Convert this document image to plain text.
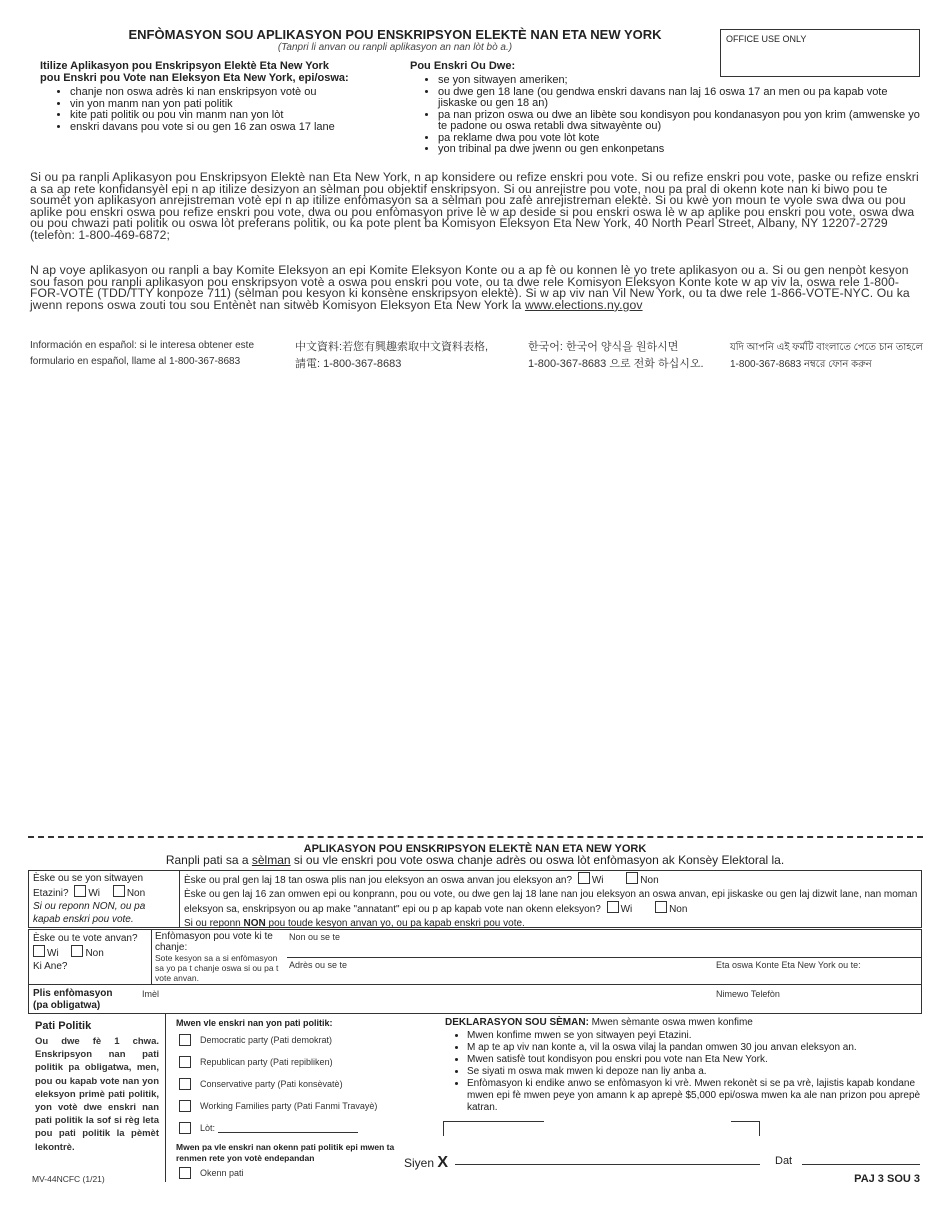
ENFÒMASYON SOU APLIKASYON POU ENSKRIPSYON ELEKTÈ NAN ETA NEW YORK
(Tanpri li anvan ou ranpli aplikasyon an nan lòt bò a.)
OFFICE USE ONLY
Itilize Aplikasyon pou Enskripsyon Elektè Eta New York
pou Enskri pou Vote nan Eleksyon Eta New York, epi/oswa:
• chanje non oswa adrès ki nan enskripsyon votè ou
• vin yon manm nan yon pati politik
• kite pati politik ou pou vin manm nan yon lòt
• enskri davans pou vote si ou gen 16 zan oswa 17 lane
Pou Enskri Ou Dwe:
• se yon sitwayen ameriken;
• ou dwe gen 18 lane (ou gendwa enskri davans nan laj 16 oswa 17 an men ou pa kapab vote jiskaske ou gen 18 an)
• pa nan prizon oswa ou dwe an libète sou kondisyon pou kondanasyon pou yon krim (amwenske yo te padone ou oswa retabli dwa sitwayènte ou)
• pa reklame dwa pou vote lòt kote
• yon tribinal pa dwe jwenn ou gen enkonpetans
Si ou pa ranpli Aplikasyon pou Enskripsyon Elektè nan Eta New York, n ap konsidere ou refize enskri pou vote. Si ou refize enskri pou vote, paske ou refize enskri a sa ap rete konfidansyèl epi n ap itilize desizyon an sèlman pou objektif enskripsyon. Si ou anrejistre pou vote, nou pa pral di okenn kote nan ki biwo pou te soumèt yon aplikasyon anrejistreman votè epi n ap itilize enfòmasyon sa a sèlman pou zafè anrejistreman elektè. Si ou kwè yon moun te vyole swa dwa ou pou aplike pou enskri oswa pou refize enskri pou vote, dwa ou pou enfòmasyon prive lè w ap deside si pou enskri oswa lè w ap aplike pou enskri pou vote, oswa dwa ou pou chwazi pati politik ou oswa lòt preferans politik, ou ka pote plent ba Komisyon Eleksyon Eta New York, 40 North Pearl Street, Albany, NY 12207-2729 (telefòn: 1-800-469-6872;
N ap voye aplikasyon ou ranpli a bay Komite Eleksyon an epi Komite Eleksyon Konte ou a ap fè ou konnen lè yo trete aplikasyon ou a. Si ou gen nenpòt kesyon sou fason pou ranpli aplikasyon pou enskripsyon votè a oswa pou enskri pou vote, ou ta dwe rele Komisyon Eleksyon Konte kote w ap viv la, oswa rele 1-800-FOR-VOTE (TDD/TTY konpoze 711) (sèlman pou kesyon ki konsène enskripsyon elektè). Si w ap viv nan Vil New York, ou ta dwe rele 1-866-VOTE-NYC. Ou ka jwenn repons oswa zouti tou sou Entènèt nan sitwèb Komisyon Eleksyon Eta New York la www.elections.ny.gov
Información en español: si le interesa obtener este
formulario en español, llame al 1-800-367-8683
中文資料:若您有興趣索取中文資料表格,
請電: 1-800-367-8683
한국어: 한국어 양식을 원하시면
1-800-367-8683 으로 전화 하십시오.
যদি আপনি এই ফর্মটি বাংলাতে পেতে চান তাহলে
1-800-367-8683 নম্বরে ফোন করুন
APLIKASYON POU ENSKRIPSYON ELEKTÈ NAN ETA NEW YORK
Ranpli pati sa a sèlman si ou vle enskri pou vote oswa chanje adrès ou oswa lòt enfòmasyon ak Konsèy Elektoral la.
Èske ou se yon sitwayen
Etazini? Wi	Non
Si ou reponn NON, ou pa
kapab enskri pou vote.
Èske ou pral gen laj 18 tan oswa plis nan jou eleksyon an oswa anvan jou eleksyon an? Wi	Non
Èske ou gen laj 16 zan omwen epi ou konprann, pou ou vote, ou dwe gen laj 18 lane nan jou eleksyon an oswa anvan, epi jiskaske ou gen laj dizwit lane, nan moman eleksyon sa, enskripsyon ou ap make "annatant" epi ou p ap kapab vote nan okenn eleksyon? Wi	Non
Si ou reponn NON pou toude kesyon anvan yo, ou pa kapab enskri pou vote.
Èske ou te vote anvan?
Wi	Non
Ki Ane?
Enfòmasyon pou vote ki te chanje:
Sote kesyon sa a si enfòmasyon sa yo pa t chanje oswa si ou pa t vote anvan.
Non ou se te
Adrès ou se te	Eta oswa Konte Eta New York ou te:
Plis enfòmasyon
(pa obligatwa)
Imèl	Nimewo Telefòn
Pati Politik
Ou dwe fè 1 chwa. Enskripsyon nan pati politik pa obligatwa, men, pou ou kapab vote nan yon eleksyon primè pati politik, yon votè dwe enskri nan pati politik la sof si règ leta pou pati politik la pèmèt lekontrè.
Mwen vle enskri nan yon pati politik:
Democratic party (Pati demokrat)
Republican party (Pati repibliken)
Conservative party (Pati konsèvatè)
Working Families party (Pati Fanmi Travayè)
Lòt:
Mwen pa vle enskri nan okenn pati politik epi mwen ta renmen rete yon votè endepandan
Okenn pati
DEKLARASYON SOU SÈMAN: Mwen sèmante oswa mwen konfime
• Mwen konfime mwen se yon sitwayen peyi Etazini.
• M ap te ap viv nan konte a, vil la oswa vilaj la pandan omwen 30 jou anvan eleksyon an.
• Mwen satisfè tout kondisyon pou enskri pou vote nan Eta New York.
• Se siyati m oswa mak mwen ki depoze nan liy anba a.
• Enfòmasyon ki endike anwo se enfòmasyon ki vrè. Mwen rekonèt si se pa vrè, lajistis kapab kondane mwen epi fè mwen peye yon amann k ap aprepè $5,000 epi/oswa mwen ka ale nan prizon pou aprepè katran.
Siyen X	Dat
MV-44NCFC (1/21)	PAJ 3 SOU 3
